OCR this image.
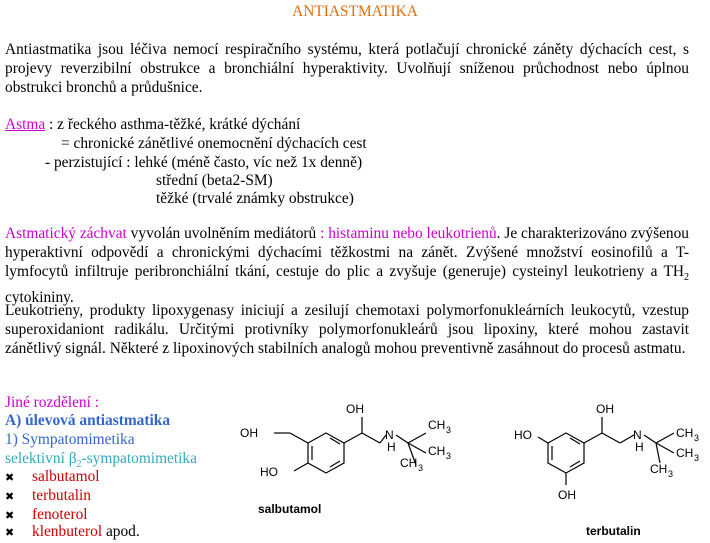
ANTIASTMATIKA

Antiastmatika jsou léčiva nemocí respiračního systému, která potlačují chronické záněty dýchacích cest, s projevy reverzibilní obstrukce a bronchiální hyperaktivity. Uvolňují sníženou průchodnost nebo úplnou obstrukci bronchů a průdušnice.

Astma : z řeckého asthma-těžké, krátké dýchání
= chronické zánětlivé onemocnění dýchacích cest
- perzistující : lehké (méně často, víc než 1x denně)
střední (beta2-SM)
těžké (trvalé známky obstrukce)

Astmatický záchvat vyvolán uvolněním mediátorů : histaminu nebo leukotrienů. Je charakterizováno zvýšenou hyperaktivní odpovědí a chronickými dýchacími těžkostmi na zánět. Zvýšené množství eosinofilů a T-lymfocytů infiltruje peribronchiální tkání, cestuje do plic a zvyšuje (generuje) cysteinyl leukotrieny a $TH_2$ cytokininy.

Leukotrieny, produkty lipoxygenasy iniciují a zesilují chemotaxi polymorfonukleárních leukocytů, vzestup superoxidaniont radikálu. Určitými protivníky polymorfonukleárů jsou lipoxiny, které mohou zastavit zánětlivý signál. Některé z lipoxinových stabilních analogů mohou preventivně zasáhnout do procesů astmatu.

Jiné rozdělení :
A) úlevová antiastmatika
1) Sympatomimetika
selektivní $\beta_2$-sympatomimetika
✖ salbutamol
✖ terbutalin
✖ fenoterol
✖ klenbuterol apod.
OH
OH
HO
N
H
CH 3
CH 3
CH 3
salbutamol
OH
HO
OH
N
H
CH 3
CH 3
CH 3
terbutalin
